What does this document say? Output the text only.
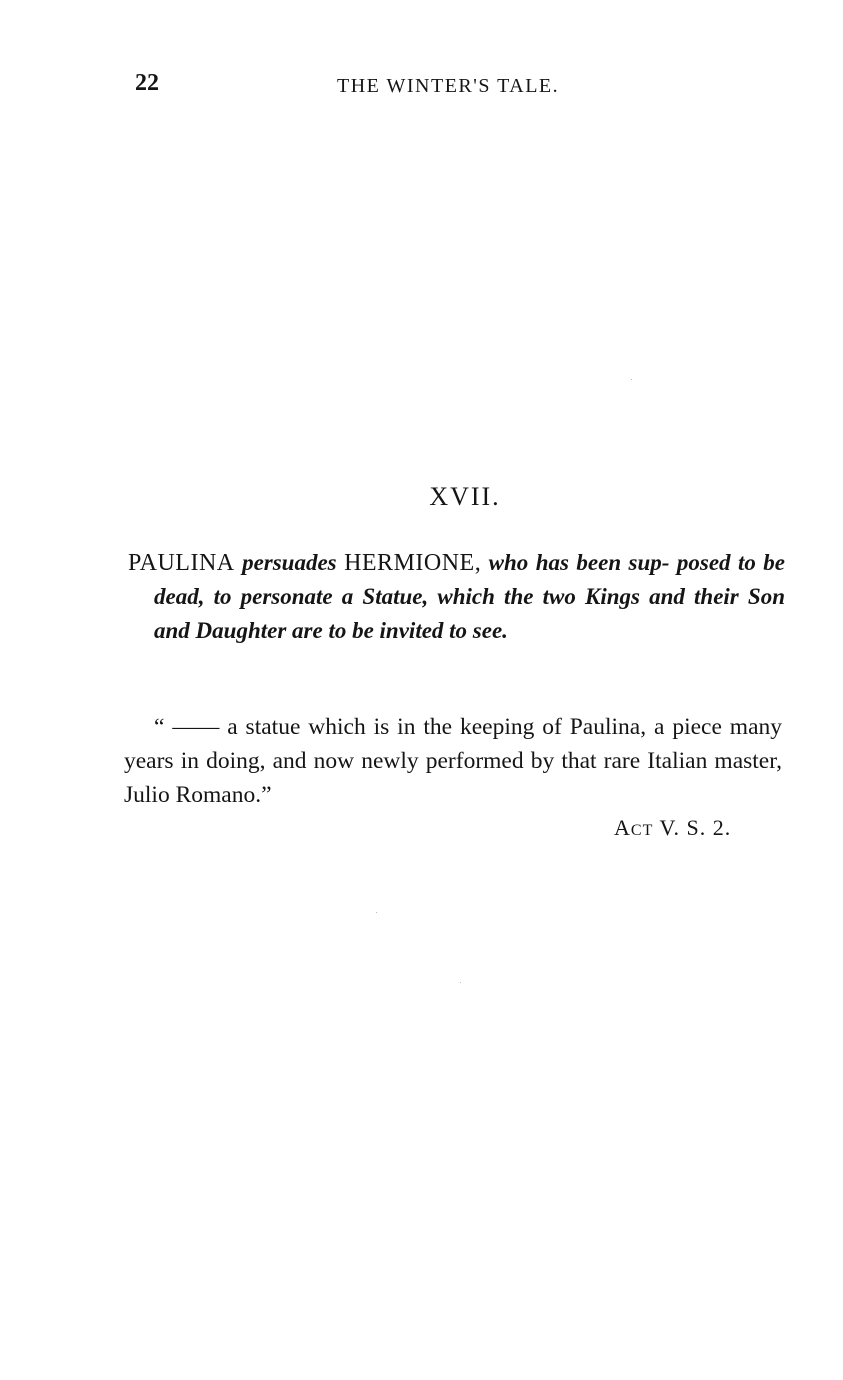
22	THE WINTER'S TALE.
XVII.
PAULINA persuades HERMIONE, who has been sup- posed to be dead, to personate a Statue, which the two Kings and their Son and Daughter are to be invited to see.
“ —— a statue which is in the keeping of Paulina, a piece many years in doing, and now newly performed by that rare Italian master, Julio Romano.”
ACT V. S. 2.
